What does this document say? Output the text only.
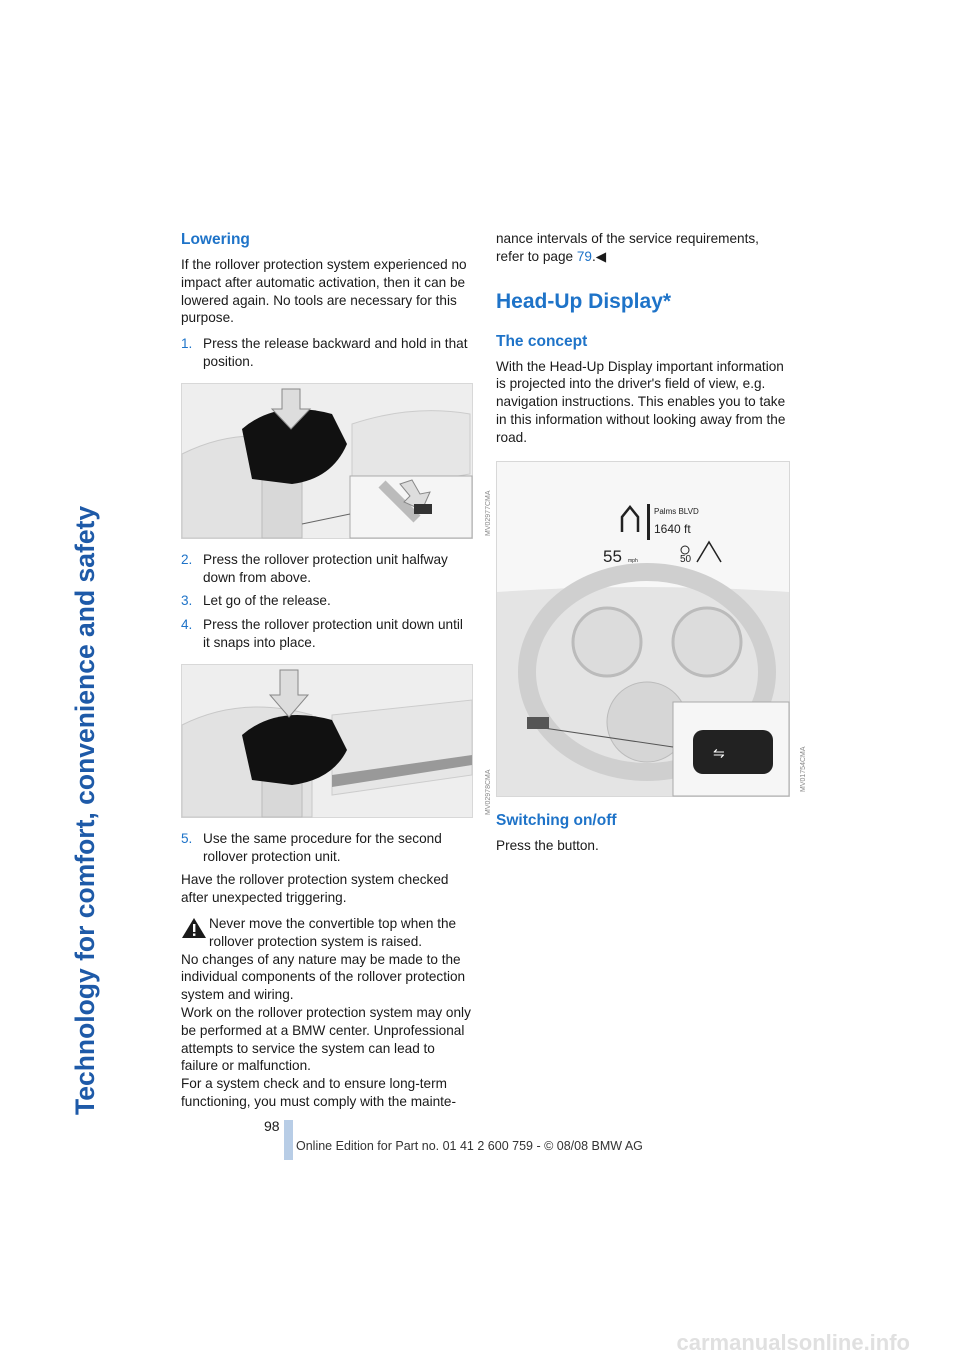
Technology for comfort, convenience and safety
Lowering

If the rollover protection system experienced no impact after automatic activation, then it can be lowered again. No tools are necessary for this purpose.

1. Press the release backward and hold in that position.
MV02977CMA
2. Press the rollover protection unit halfway down from above.
3. Let go of the release.
4. Press the rollover protection unit down until it snaps into place.
MV02978CMA
5. Use the same procedure for the second rollover protection unit.

Have the rollover protection system checked after unexpected triggering.

Never move the convertible top when the rollover protection system is raised.
No changes of any nature may be made to the individual components of the rollover protection system and wiring.
Work on the rollover protection system may only be performed at a BMW center. Unprofessional attempts to service the system can lead to failure or malfunction.
For a system check and to ensure long-term functioning, you must comply with the mainte-

nance intervals of the service requirements, refer to page 79.◀

Head-Up Display*
The concept

With the Head-Up Display important information is projected into the driver's field of view, e.g. navigation instructions. This enables you to take in this information without looking away from the road.

Palms BLVD
1640 ft
55 mph	50
⇋	MV01754CMA
Switching on/off

Press the button.

98
Online Edition for Part no. 01 41 2 600 759 - © 08/08 BMW AG
carmanualsonline.info
